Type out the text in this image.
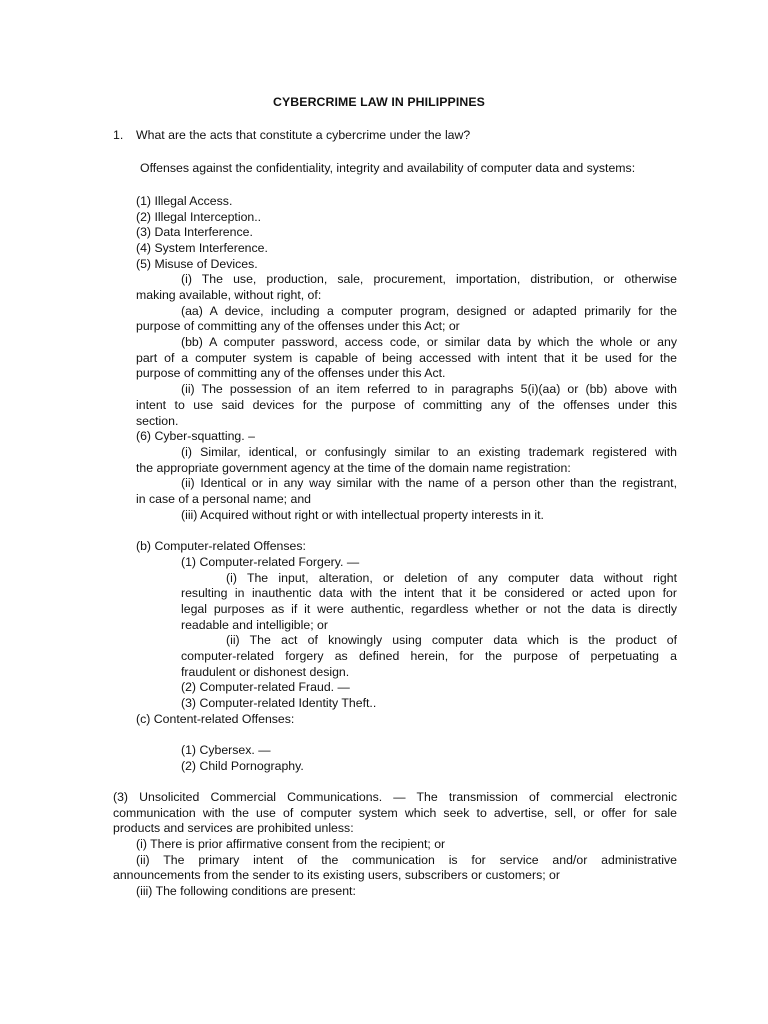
CYBERCRIME LAW IN PHILIPPINES
1. What are the acts that constitute a cybercrime under the law?
Offenses against the confidentiality, integrity and availability of computer data and systems:
(1) Illegal Access.
(2) Illegal Interception..
(3) Data Interference.
(4) System Interference.
(5) Misuse of Devices.
(i) The use, production, sale, procurement, importation, distribution, or otherwise
making available, without right, of:
(aa) A device, including a computer program, designed or adapted primarily for the
purpose of committing any of the offenses under this Act; or
(bb) A computer password, access code, or similar data by which the whole or any
part of a computer system is capable of being accessed with intent that it be used for the
purpose of committing any of the offenses under this Act.
(ii) The possession of an item referred to in paragraphs 5(i)(aa) or (bb) above with
intent to use said devices for the purpose of committing any of the offenses under this
section.
(6) Cyber-squatting. –
(i) Similar, identical, or confusingly similar to an existing trademark registered with
the appropriate government agency at the time of the domain name registration:
(ii) Identical or in any way similar with the name of a person other than the registrant,
in case of a personal name; and
(iii) Acquired without right or with intellectual property interests in it.
(b) Computer-related Offenses:
(1) Computer-related Forgery. —
(i) The input, alteration, or deletion of any computer data without right
resulting in inauthentic data with the intent that it be considered or acted upon for
legal purposes as if it were authentic, regardless whether or not the data is directly
readable and intelligible; or
(ii) The act of knowingly using computer data which is the product of
computer-related forgery as defined herein, for the purpose of perpetuating a
fraudulent or dishonest design.
(2) Computer-related Fraud. —
(3) Computer-related Identity Theft..
(c) Content-related Offenses:
(1) Cybersex. —
(2) Child Pornography.
(3) Unsolicited Commercial Communications. — The transmission of commercial electronic
communication with the use of computer system which seek to advertise, sell, or offer for sale
products and services are prohibited unless:
(i) There is prior affirmative consent from the recipient; or
(ii) The primary intent of the communication is for service and/or administrative
announcements from the sender to its existing users, subscribers or customers; or
(iii) The following conditions are present:
